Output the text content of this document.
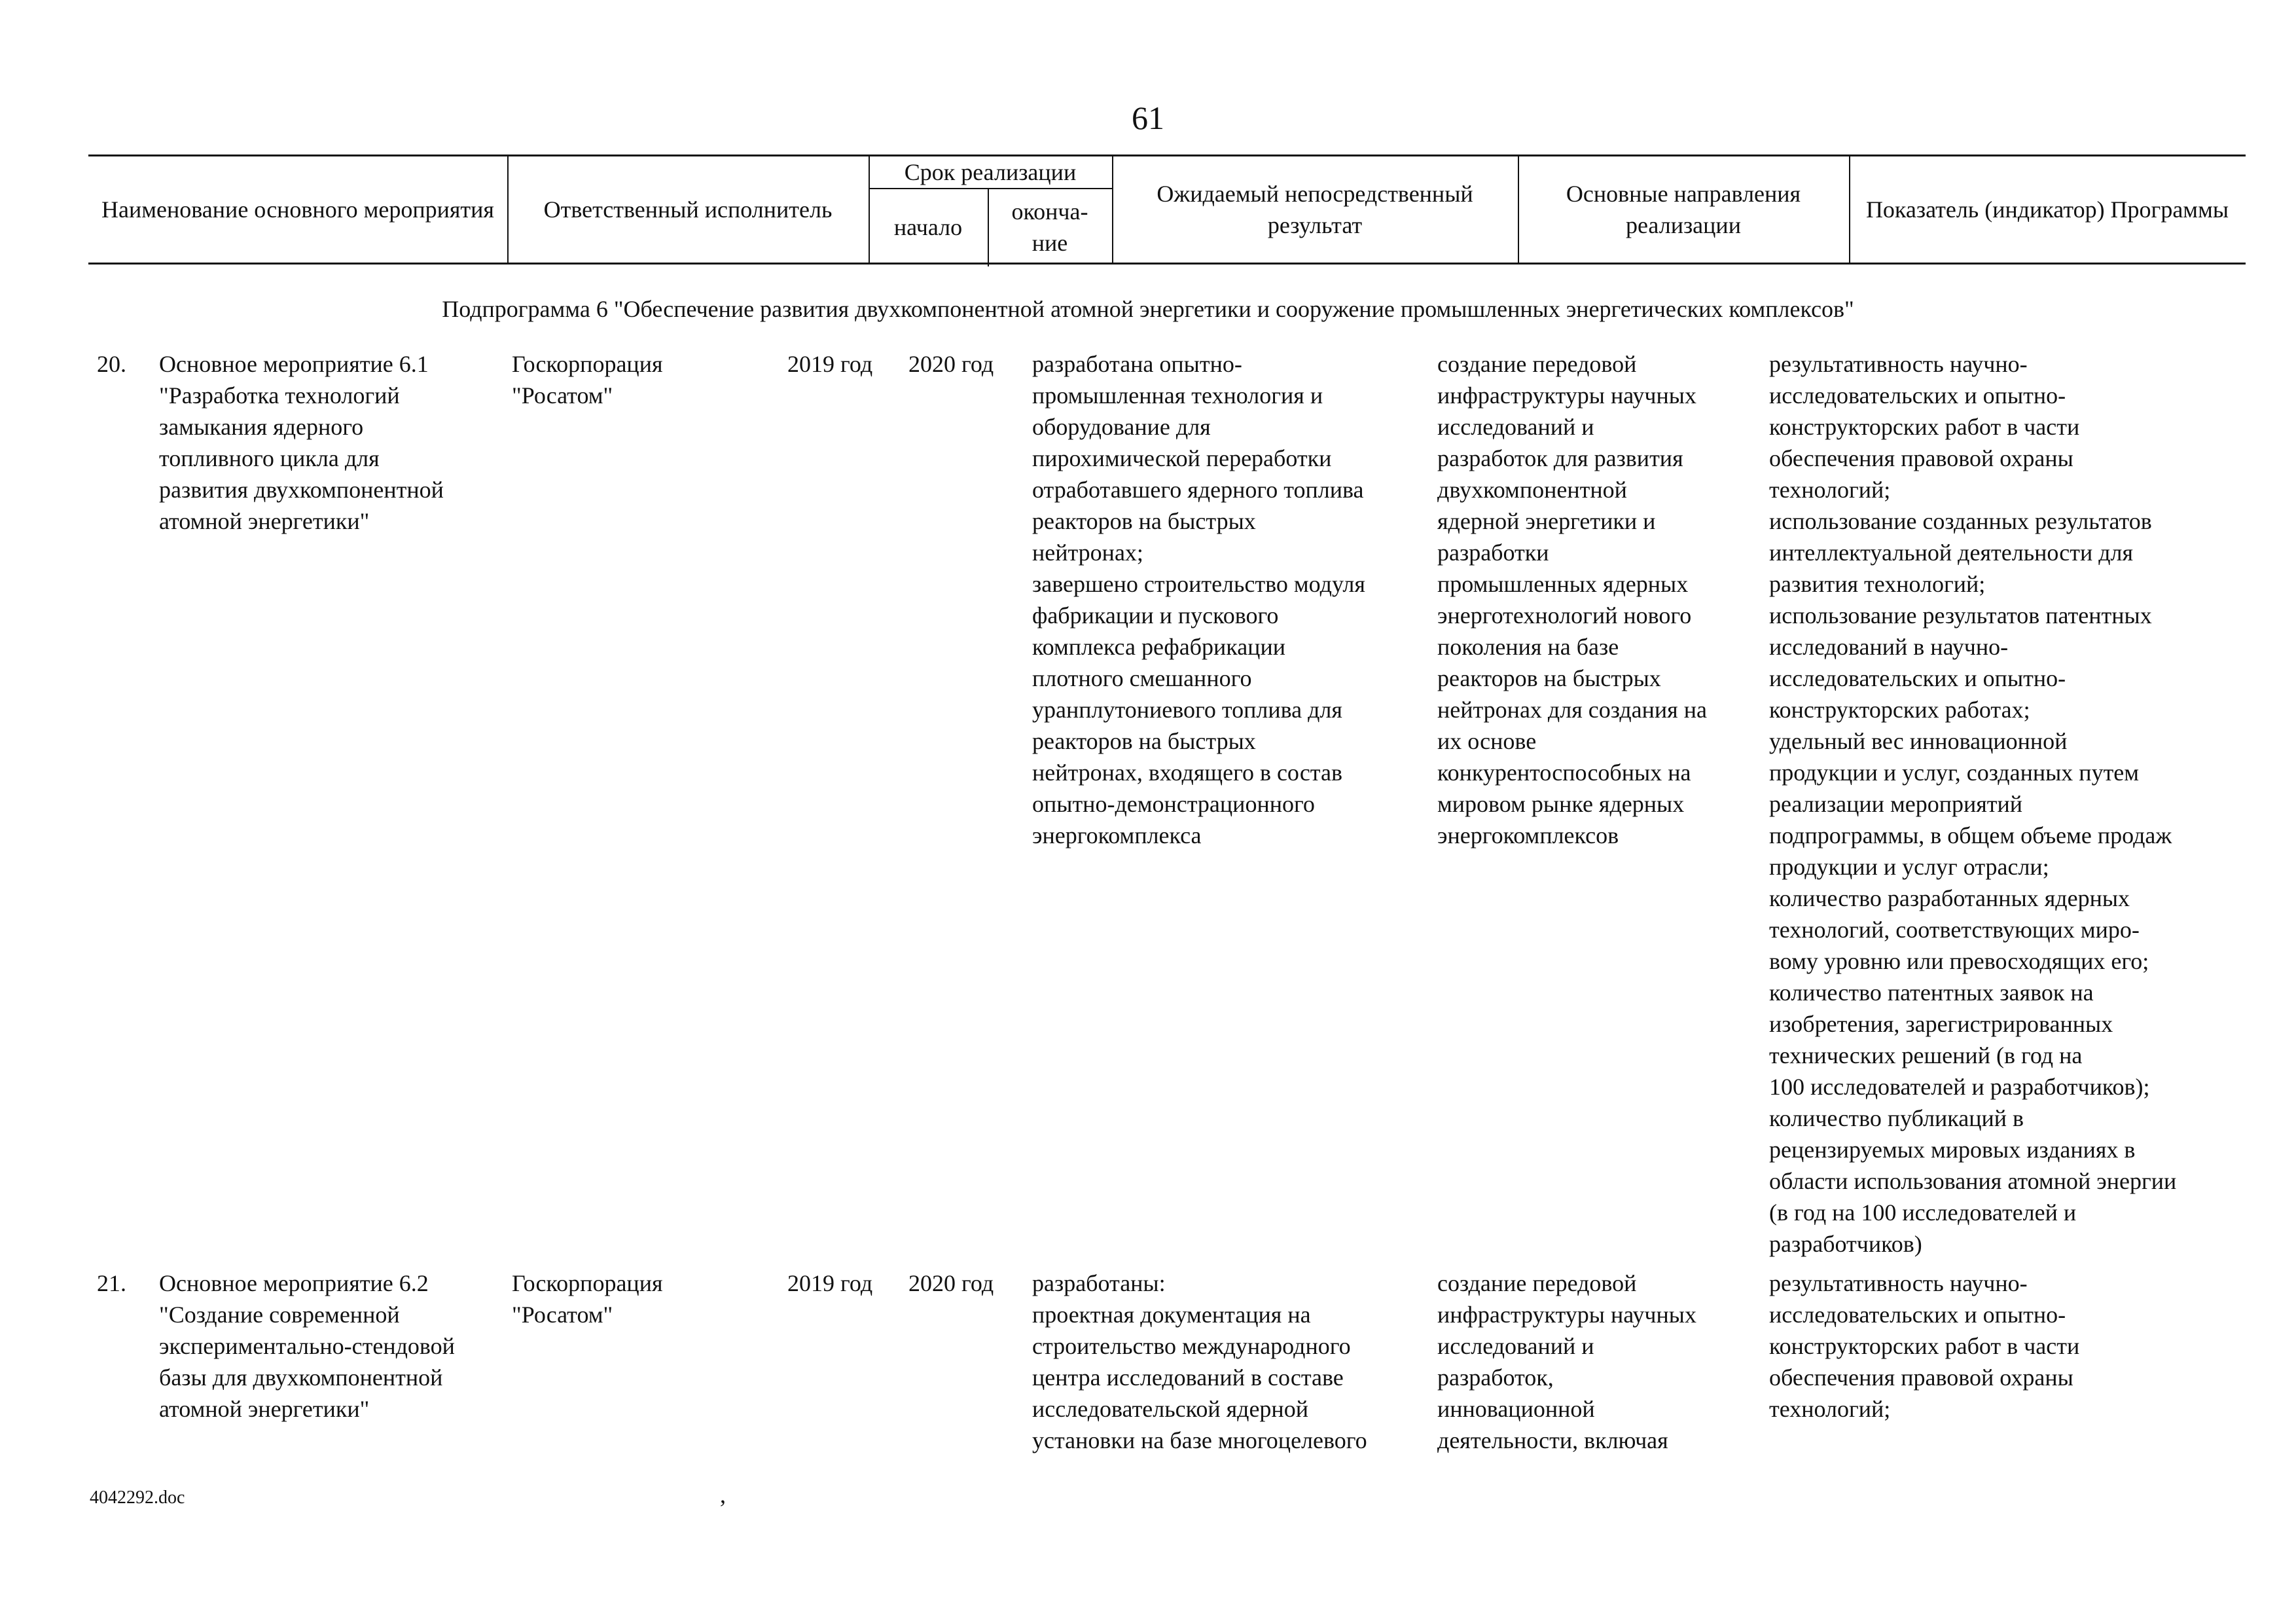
61
Наименование основного мероприятия	Ответственный исполнитель
Срок реализации
начало
оконча-
ние
Ожидаемый непосредственный результат
Основные направления реализации
Показатель (индикатор) Программы
Подпрограмма 6 "Обеспечение развития двухкомпонентной атомной энергетики и сооружение промышленных энергетических комплексов"
20. Основное мероприятие 6.1
"Разработка технологий
замыкания ядерного
топливного цикла для
развития двухкомпонентной
атомной энергетики"
Госкорпорация
"Росатом"
2019 год 2020 год разработана опытно-
промышленная технология и
оборудование для
пирохимической переработки
отработавшего ядерного топлива
реакторов на быстрых
нейтронах;
завершено строительство модуля
фабрикации и пускового
комплекса рефабрикации
плотного смешанного
уранплутониевого топлива для
реакторов на быстрых
нейтронах, входящего в состав
опытно-демонстрационного
энергокомплекса
создание передовой
инфраструктуры научных
исследований и
разработок для развития
двухкомпонентной
ядерной энергетики и
разработки
промышленных ядерных
энерготехнологий нового
поколения на базе
реакторов на быстрых
нейтронах для создания на
их основе
конкурентоспособных на
мировом рынке ядерных
энергокомплексов
результативность научно-
исследовательских и опытно-
конструкторских работ в части
обеспечения правовой охраны
технологий;
использование созданных результатов
интеллектуальной деятельности для
развития технологий;
использование результатов патентных
исследований в научно-
исследовательских и опытно-
конструкторских работах;
удельный вес инновационной
продукции и услуг, созданных путем
реализации мероприятий
подпрограммы, в общем объеме продаж
продукции и услуг отрасли;
количество разработанных ядерных
технологий, соответствующих миро-
вому уровню или превосходящих его;
количество патентных заявок на
изобретения, зарегистрированных
технических решений (в год на
100 исследователей и разработчиков);
количество публикаций в
рецензируемых мировых изданиях в
области использования атомной энергии
(в год на 100 исследователей и
разработчиков)
21. Основное мероприятие 6.2
"Создание современной
экспериментально-стендовой
базы для двухкомпонентной
атомной энергетики"
Госкорпорация
"Росатом"
2019 год 2020 год разработаны:
проектная документация на
строительство международного
центра исследований в составе
исследовательской ядерной
установки на базе многоцелевого
создание передовой
инфраструктуры научных
исследований и
разработок,
инновационной
деятельности, включая
результативность научно-
исследовательских и опытно-
конструкторских работ в части
обеспечения правовой охраны
технологий;
4042292.doc	,
